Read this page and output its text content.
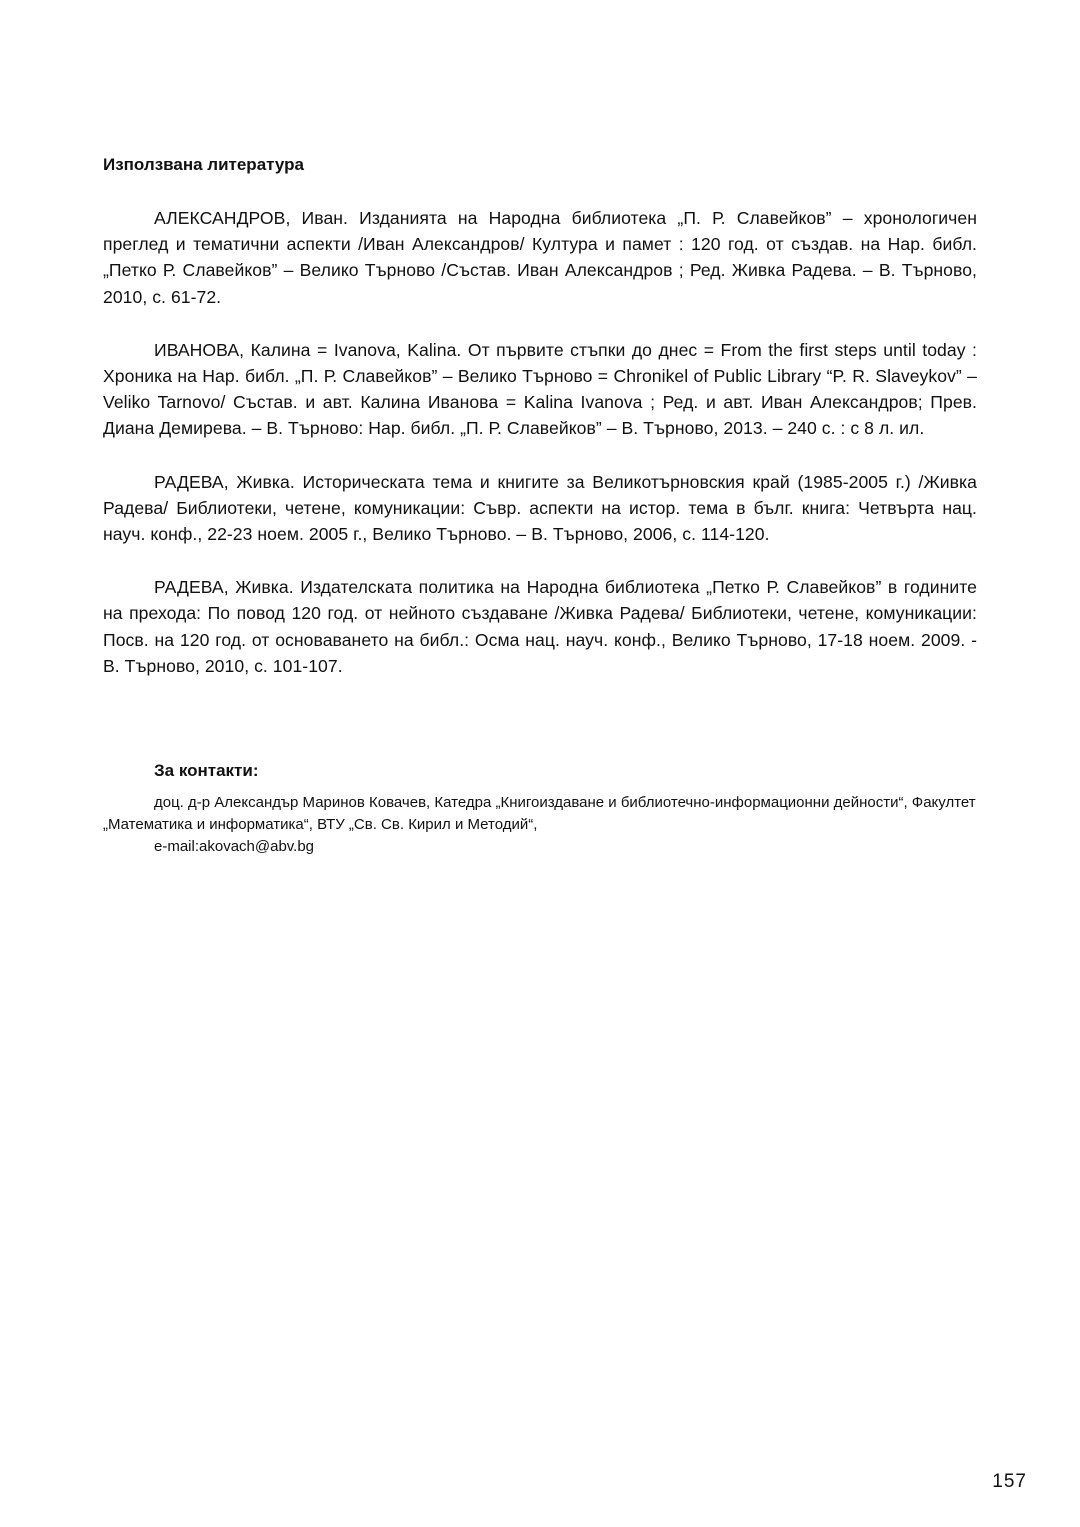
Използвана литература

АЛЕКСАНДРОВ, Иван. Изданията на Народна библиотека „П. Р. Славейков” – хронологичен преглед и тематични аспекти /Иван Александров/ Култура и памет : 120 год. от създав. на Нар. библ. „Петко Р. Славейков” – Велико Търново /Състав. Иван Александров ; Ред. Живка Радева. – В. Търново, 2010, с. 61-72.

ИВАНОВА, Калина = Ivanova, Kalina. От първите стъпки до днес = From the first steps until today : Хроника на Нар. библ. „П. Р. Славейков” – Велико Търново = Chronikel of Public Library “P. R. Slaveykov” – Veliko Tarnovo/ Състав. и авт. Калина Иванова = Kalina Ivanova ; Ред. и авт. Иван Александров; Прев. Диана Демирева. – В. Търново: Нар. библ. „П. Р. Славейков” – В. Търново, 2013. – 240 с. : с 8 л. ил.

РАДЕВА, Живка. Историческата тема и книгите за Великотърновския край (1985-2005 г.) /Живка Радева/ Библиотеки, четене, комуникации: Съвр. аспекти на истор. тема в бълг. книга: Четвърта нац. науч. конф., 22-23 ноем. 2005 г., Велико Търново. – В. Търново, 2006, с. 114-120.

РАДЕВА, Живка. Издателската политика на Народна библиотека „Петко Р. Славейков” в годините на прехода: По повод 120 год. от нейното създаване /Живка Радева/ Библиотеки, четене, комуникации: Посв. на 120 год. от основаването на библ.: Осма нац. науч. конф., Велико Търново, 17-18 ноем. 2009. - В. Търново, 2010, с. 101-107.

За контакти:

доц. д-р Александър Маринов Ковачев, Катедра „Книгоиздаване и библиотечно-информационни дейности“, Факултет „Математика и информатика“, ВТУ „Св. Св. Кирил и Методий“,

e-mail:akovach@abv.bg

157
